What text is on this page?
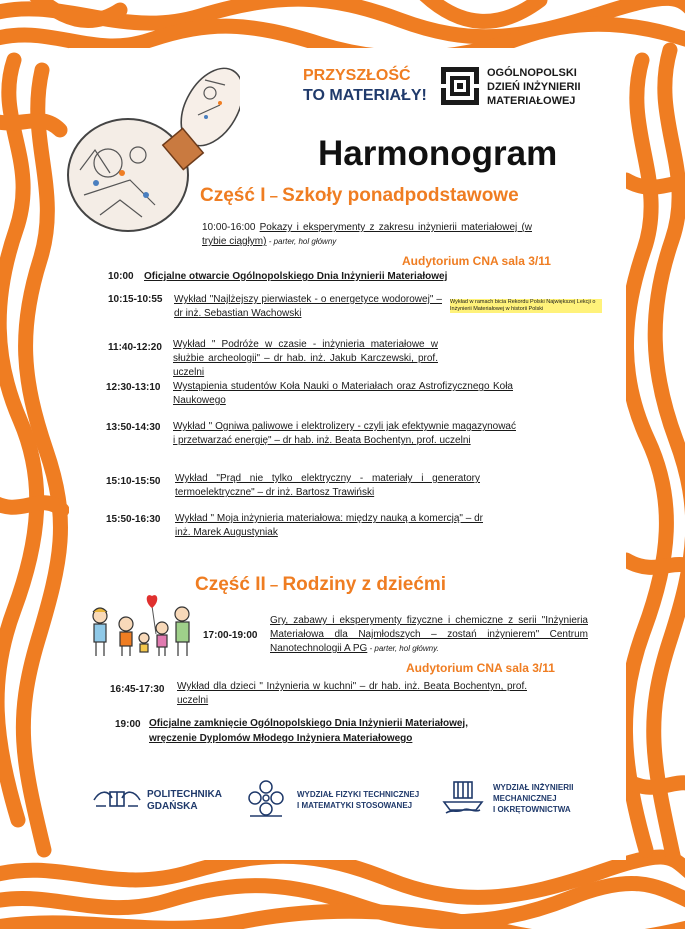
PRZYSZŁOŚĆ
TO MATERIAŁY!
OGÓLNOPOLSKI
DZIEŃ INŻYNIERII
MATERIAŁOWEJ
Harmonogram
Część I – Szkoły ponadpodstawowe
10:00-16:00 Pokazy i eksperymenty z zakresu inżynierii materiałowej (w trybie ciągłym) - parter, hol główny
Audytorium CNA sala 3/11
10:00 Oficjalne otwarcie Ogólnopolskiego Dnia Inżynierii Materiałowej
10:15-10:55 Wykład "Najlżejszy pierwiastek - o energetyce wodorowej" – dr inż. Sebastian Wachowski
Wykład w ramach bicia Rekordu Polski Największej Lekcji o Inżynierii Materiałowej w historii Polski
11:40-12:20 Wykład " Podróże w czasie - inżynieria materiałowe w służbie archeologii" – dr hab. inż. Jakub Karczewski, prof. uczelni
12:30-13:10 Wystąpienia studentów Koła Nauki o Materiałach oraz Astrofizycznego Koła Naukowego
13:50-14:30 Wykład " Ogniwa paliwowe i elektrolizery - czyli jak efektywnie magazynować i przetwarzać energię" – dr hab. inż. Beata Bochentyn, prof. uczelni
15:10-15:50 Wykład "Prąd nie tylko elektryczny - materiały i generatory termoelektryczne" – dr inż. Bartosz Trawiński
15:50-16:30 Wykład " Moja inżynieria materiałowa: między nauką a komercją" – dr inż. Marek Augustyniak
Część II – Rodziny z dziećmi
17:00-19:00
Gry, zabawy i eksperymenty fizyczne i chemiczne z serii "Inżynieria Materiałowa dla Najmłodszych – zostań inżynierem" Centrum Nanotechnologii A PG - parter, hol główny.
Audytorium CNA sala 3/11
16:45-17:30 Wykład dla dzieci " Inżynieria w kuchni" – dr hab. inż. Beata Bochentyn, prof. uczelni
19:00 Oficjalne zamknięcie Ogólnopolskiego Dnia Inżynierii Materiałowej,
wręczenie Dyplomów Młodego Inżyniera Materiałowego
POLITECHNIKA
GDAŃSKA
WYDZIAŁ FIZYKI TECHNICZNEJ
I MATEMATYKI STOSOWANEJ
WYDZIAŁ INŻYNIERII
MECHANICZNEJ
I OKRĘTOWNICTWA
